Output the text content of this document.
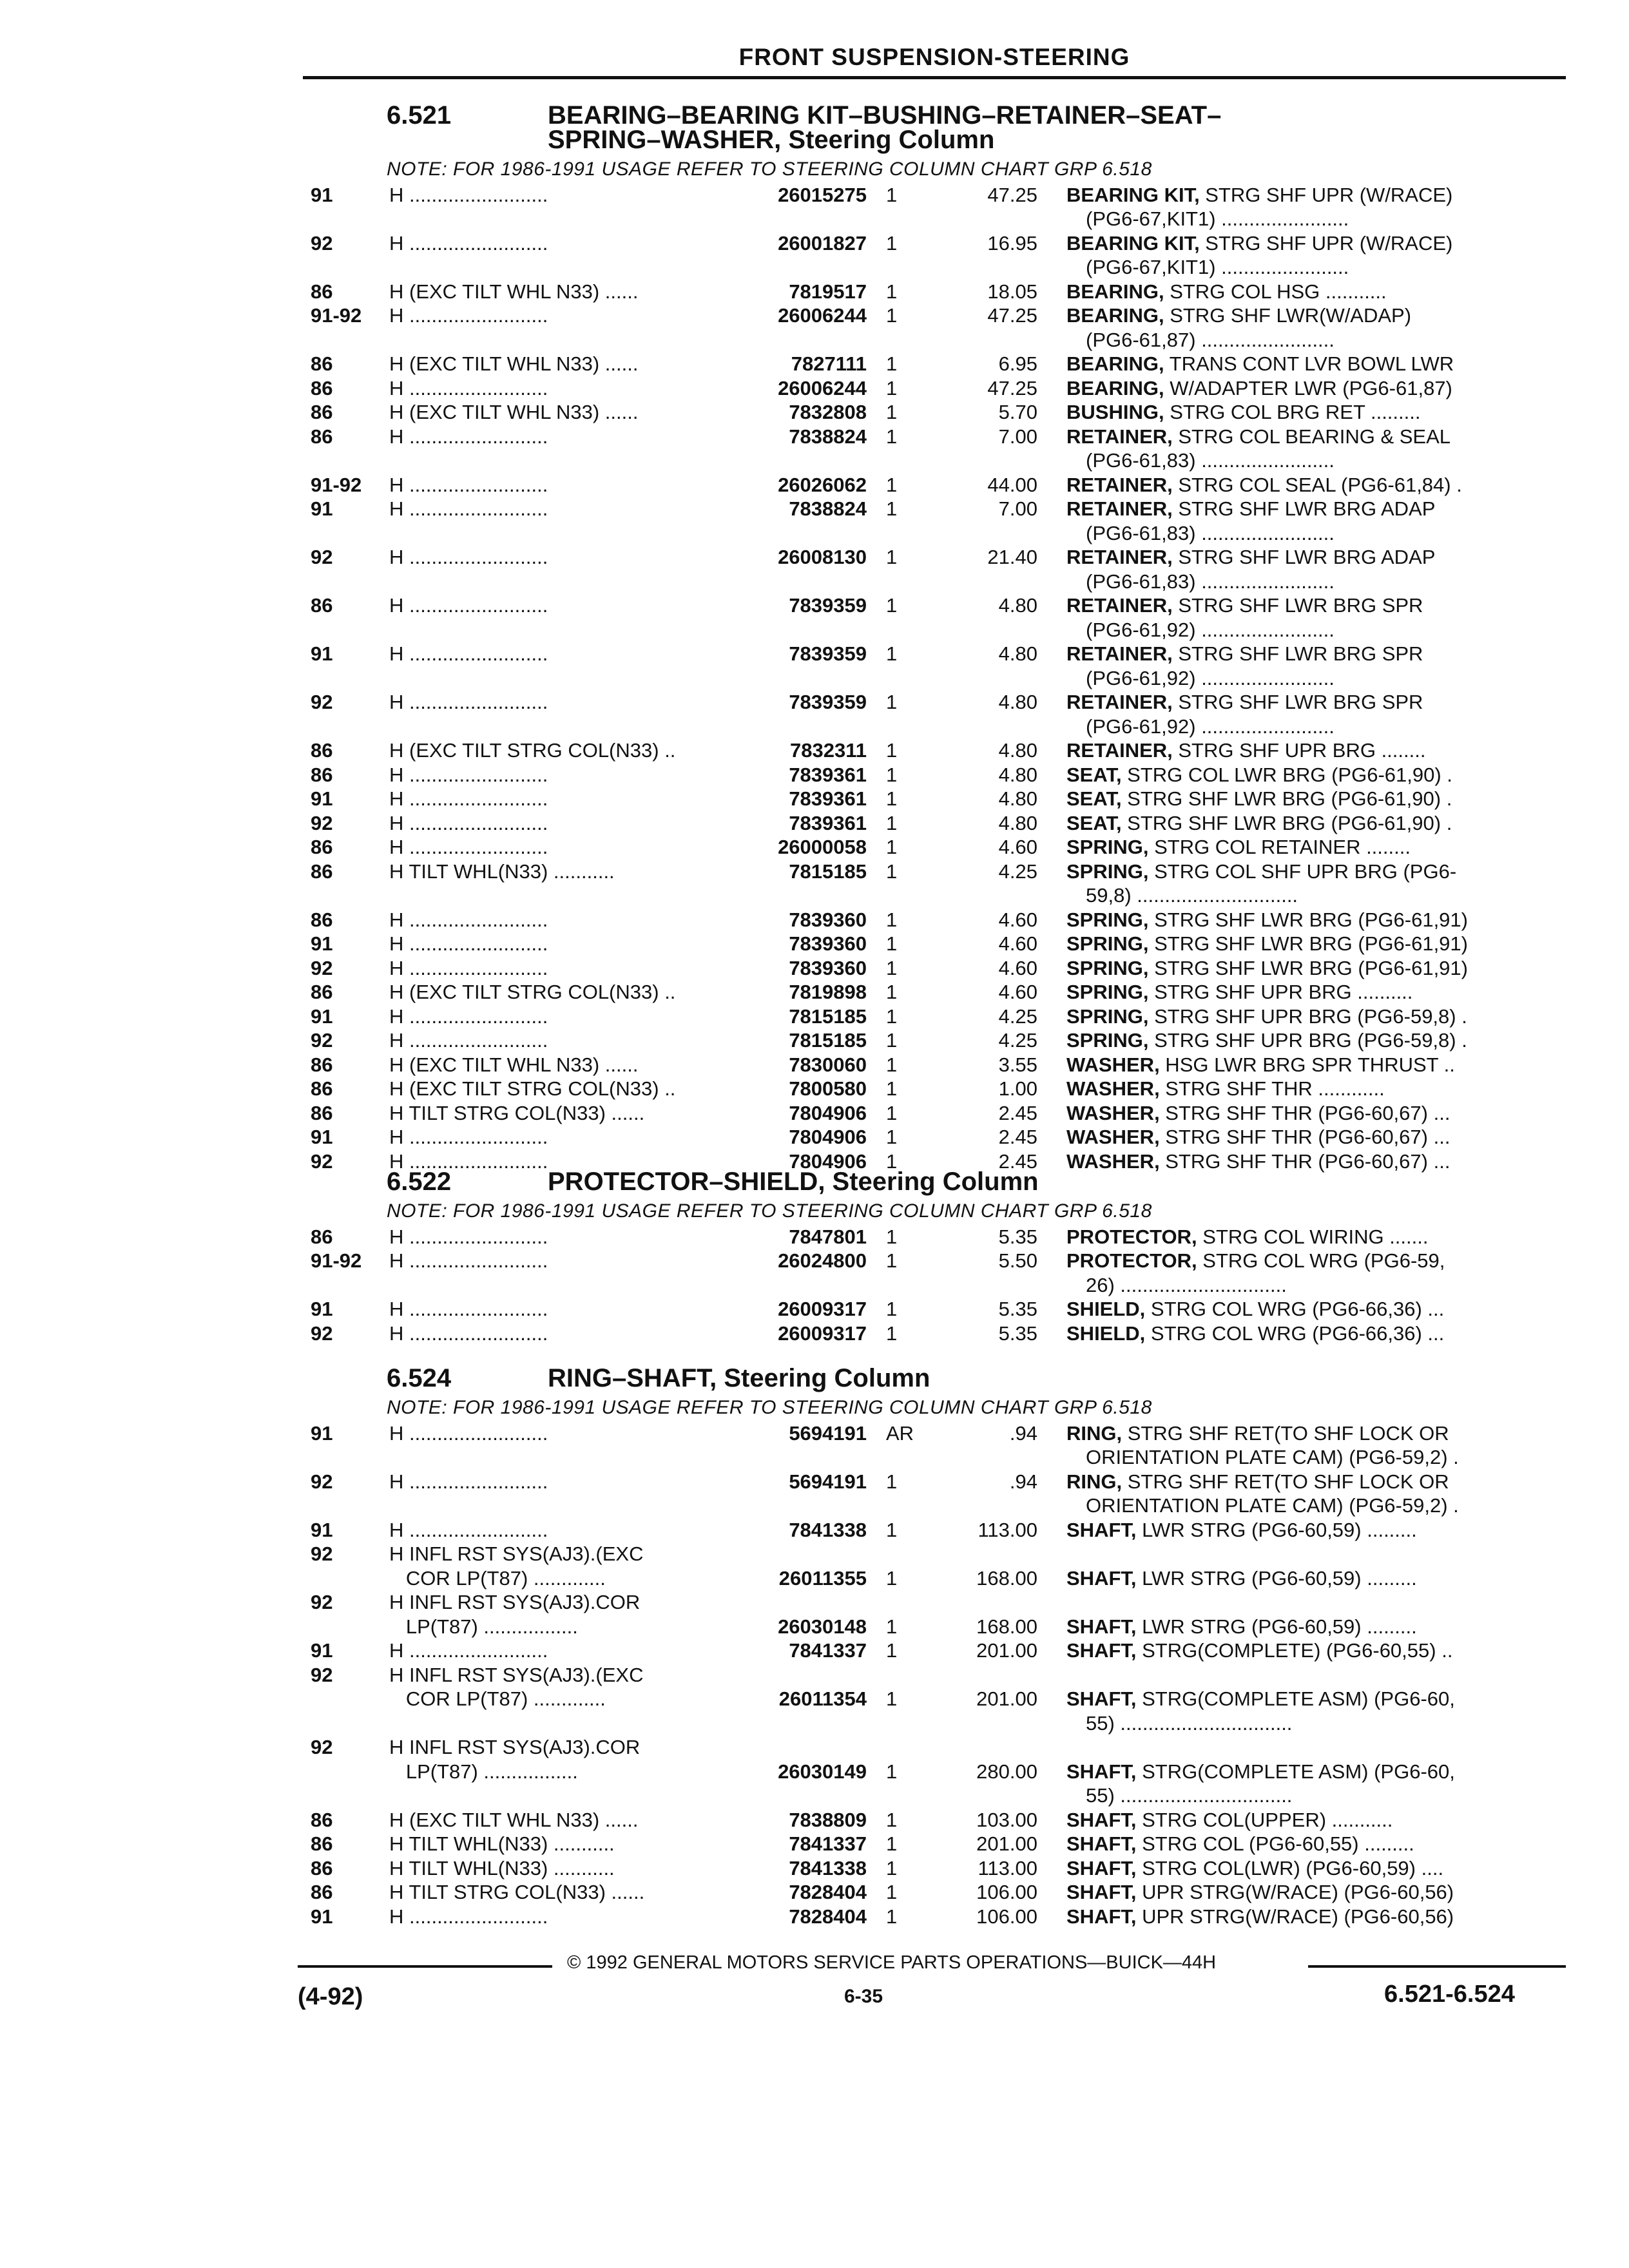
FRONT SUSPENSION-STEERING
6.521	BEARING–BEARING KIT–BUSHING–RETAINER–SEAT–
SPRING–WASHER, Steering Column
NOTE: FOR 1986-1991 USAGE REFER TO STEERING COLUMN CHART GRP 6.518
91	H .........................	26015275 1	47.25 BEARING KIT, STRG SHF UPR (W/RACE)
(PG6-67,KIT1) .......................
92	H .........................	26001827 1	16.95 BEARING KIT, STRG SHF UPR (W/RACE)
(PG6-67,KIT1) .......................
86	H (EXC TILT WHL N33) ......	7819517 1	18.05 BEARING, STRG COL HSG ...........
91-92 H .........................	26006244 1	47.25 BEARING, STRG SHF LWR(W/ADAP)
(PG6-61,87) ........................
86	H (EXC TILT WHL N33) ......	7827111 1	6.95 BEARING, TRANS CONT LVR BOWL LWR
86	H .........................	26006244 1	47.25 BEARING, W/ADAPTER LWR (PG6-61,87)
86	H (EXC TILT WHL N33) ......	7832808 1	5.70 BUSHING, STRG COL BRG RET .........
86	H .........................	7838824 1	7.00 RETAINER, STRG COL BEARING & SEAL
(PG6-61,83) ........................
91-92 H .........................	26026062 1	44.00 RETAINER, STRG COL SEAL (PG6-61,84) .
91	H .........................	7838824 1	7.00 RETAINER, STRG SHF LWR BRG ADAP
(PG6-61,83) ........................
92	H .........................	26008130 1	21.40 RETAINER, STRG SHF LWR BRG ADAP
(PG6-61,83) ........................
86	H .........................	7839359 1	4.80 RETAINER, STRG SHF LWR BRG SPR
(PG6-61,92) ........................
91	H .........................	7839359 1	4.80 RETAINER, STRG SHF LWR BRG SPR
(PG6-61,92) ........................
92	H .........................	7839359 1	4.80 RETAINER, STRG SHF LWR BRG SPR
(PG6-61,92) ........................
86	H (EXC TILT STRG COL(N33) ..	7832311 1	4.80 RETAINER, STRG SHF UPR BRG ........
86	H .........................	7839361 1	4.80 SEAT, STRG COL LWR BRG (PG6-61,90) .
91	H .........................	7839361 1	4.80 SEAT, STRG SHF LWR BRG (PG6-61,90) .
92	H .........................	7839361 1	4.80 SEAT, STRG SHF LWR BRG (PG6-61,90) .
86	H .........................	26000058 1	4.60 SPRING, STRG COL RETAINER ........
86	H TILT WHL(N33) ...........	7815185 1	4.25 SPRING, STRG COL SHF UPR BRG (PG6-
59,8) .............................
86	H .........................	7839360 1	4.60 SPRING, STRG SHF LWR BRG (PG6-61,91)
91	H .........................	7839360 1	4.60 SPRING, STRG SHF LWR BRG (PG6-61,91)
92	H .........................	7839360 1	4.60 SPRING, STRG SHF LWR BRG (PG6-61,91)
86	H (EXC TILT STRG COL(N33) ..	7819898 1	4.60 SPRING, STRG SHF UPR BRG ..........
91	H .........................	7815185 1	4.25 SPRING, STRG SHF UPR BRG (PG6-59,8) .
92	H .........................	7815185 1	4.25 SPRING, STRG SHF UPR BRG (PG6-59,8) .
86	H (EXC TILT WHL N33) ......	7830060 1	3.55 WASHER, HSG LWR BRG SPR THRUST ..
86	H (EXC TILT STRG COL(N33) ..	7800580 1	1.00 WASHER, STRG SHF THR ............
86	H TILT STRG COL(N33) ......	7804906 1	2.45 WASHER, STRG SHF THR (PG6-60,67) ...
91	H .........................	7804906 1	2.45 WASHER, STRG SHF THR (PG6-60,67) ...
92	H .........................	7804906 1	2.45 WASHER, STRG SHF THR (PG6-60,67) ...
6.522	PROTECTOR–SHIELD, Steering Column
NOTE: FOR 1986-1991 USAGE REFER TO STEERING COLUMN CHART GRP 6.518
86	H .........................	7847801 1	5.35 PROTECTOR, STRG COL WIRING .......
91-92 H .........................	26024800 1	5.50 PROTECTOR, STRG COL WRG (PG6-59,
26) ..............................
91	H .........................	26009317 1	5.35 SHIELD, STRG COL WRG (PG6-66,36) ...
92	H .........................	26009317 1	5.35 SHIELD, STRG COL WRG (PG6-66,36) ...
6.524	RING–SHAFT, Steering Column
NOTE: FOR 1986-1991 USAGE REFER TO STEERING COLUMN CHART GRP 6.518
91	H .........................	5694191 AR	.94 RING, STRG SHF RET(TO SHF LOCK OR
ORIENTATION PLATE CAM) (PG6-59,2) .
92	H .........................	5694191 1	.94 RING, STRG SHF RET(TO SHF LOCK OR
ORIENTATION PLATE CAM) (PG6-59,2) .
91	H .........................	7841338 1	113.00 SHAFT, LWR STRG (PG6-60,59) .........
92	H INFL RST SYS(AJ3).(EXC
COR LP(T87) .............	26011355 1	168.00 SHAFT, LWR STRG (PG6-60,59) .........
92	H INFL RST SYS(AJ3).COR
LP(T87) .................	26030148 1	168.00 SHAFT, LWR STRG (PG6-60,59) .........
91	H .........................	7841337 1	201.00 SHAFT, STRG(COMPLETE) (PG6-60,55) ..
92	H INFL RST SYS(AJ3).(EXC
COR LP(T87) .............	26011354 1	201.00 SHAFT, STRG(COMPLETE ASM) (PG6-60,
55) ...............................
92	H INFL RST SYS(AJ3).COR
LP(T87) .................	26030149 1	280.00 SHAFT, STRG(COMPLETE ASM) (PG6-60,
55) ...............................
86	H (EXC TILT WHL N33) ......	7838809 1	103.00 SHAFT, STRG COL(UPPER) ...........
86	H TILT WHL(N33) ...........	7841337 1	201.00 SHAFT, STRG COL (PG6-60,55) .........
86	H TILT WHL(N33) ...........	7841338 1	113.00 SHAFT, STRG COL(LWR) (PG6-60,59) ....
86	H TILT STRG COL(N33) ......	7828404 1	106.00 SHAFT, UPR STRG(W/RACE) (PG6-60,56)
91	H .........................	7828404 1	106.00 SHAFT, UPR STRG(W/RACE) (PG6-60,56)
© 1992 GENERAL MOTORS SERVICE PARTS OPERATIONS—BUICK—44H
(4-92)	6-35	6.521-6.524
